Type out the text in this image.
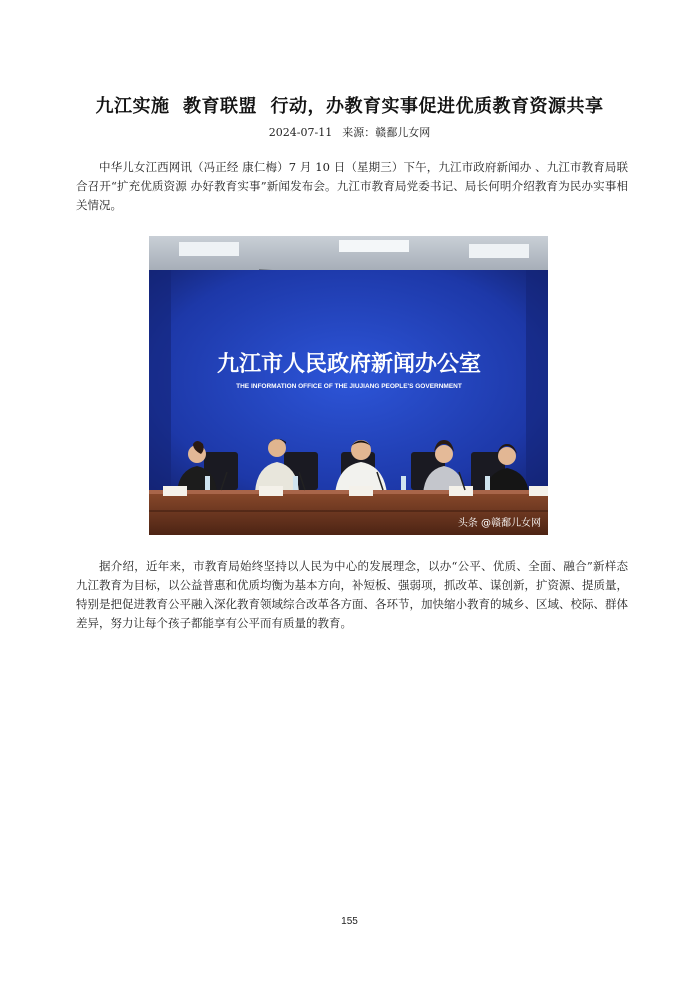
九江实施  教育联盟  行动，办教育实事促进优质教育资源共享
2024-07-11 来源：赣鄱儿女网

中华儿女江西网讯（冯正经 康仁梅）7 月 10 日（星期三）下午，九江市政府新闻办 、九江市教育局联合召开“扩充优质资源 办好教育实事”新闻发布会。九江市教育局党委书记、局长何明介绍教育为民办实事相关情况。

九江市人民政府新闻办公室
THE INFORMATION OFFICE OF THE JIUJIANG PEOPLE'S GOVERNMENT
头条 @赣鄱儿女网

据介绍，近年来，市教育局始终坚持以人民为中心的发展理念，以办“公平、优质、全面、融合”新样态九江教育为目标，以公益普惠和优质均衡为基本方向，补短板、强弱项，抓改革、谋创新，扩资源、提质量，特别是把促进教育公平融入深化教育领域综合改革各方面、各环节，加快缩小教育的城乡、区域、校际、群体差异，努力让每个孩子都能享有公平而有质量的教育。

155
